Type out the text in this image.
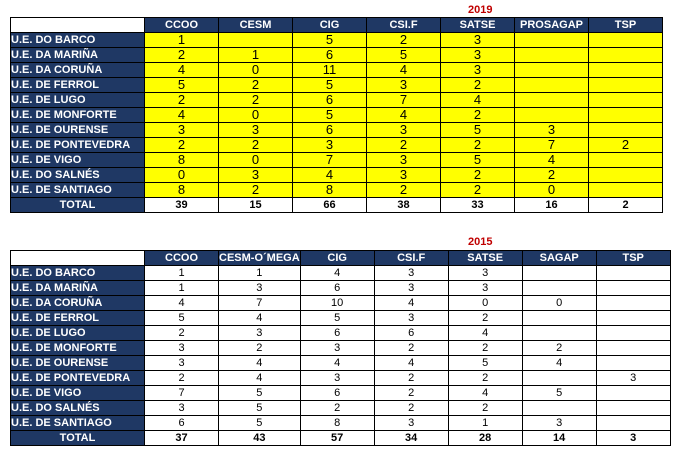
2019
	CCOO	CESM	CIG	CSI.F	SATSE	PROSAGAP	TSP
U.E. DO BARCO	1		5	2	3		
U.E. DA MARIÑA	2	1	6	5	3		
U.E. DA CORUÑA	4	0	11	4	3		
U.E. DE FERROL	5	2	5	3	2		
U.E. DE LUGO	2	2	6	7	4		
U.E. DE MONFORTE	4	0	5	4	2		
U.E. DE OURENSE	3	3	6	3	5	3	
U.E. DE PONTEVEDRA	2	2	3	2	2	7	2
U.E. DE VIGO	8	0	7	3	5	4	
U.E. DO SALNÉS	0	3	4	3	2	2	
U.E. DE SANTIAGO	8	2	8	2	2	0	
TOTAL	39	15	66	38	33	16	2
2015
	CCOO	CESM-O´MEGA	CIG	CSI.F	SATSE	SAGAP	TSP
U.E. DO BARCO	1	1	4	3	3		
U.E. DA MARIÑA	1	3	6	3	3		
U.E. DA CORUÑA	4	7	10	4	0	0	
U.E. DE FERROL	5	4	5	3	2		
U.E. DE LUGO	2	3	6	6	4		
U.E. DE MONFORTE	3	2	3	2	2	2	
U.E. DE OURENSE	3	4	4	4	5	4	
U.E. DE PONTEVEDRA	2	4	3	2	2		3
U.E. DE VIGO	7	5	6	2	4	5	
U.E. DO SALNÉS	3	5	2	2	2		
U.E. DE SANTIAGO	6	5	8	3	1	3	
TOTAL	37	43	57	34	28	14	3
